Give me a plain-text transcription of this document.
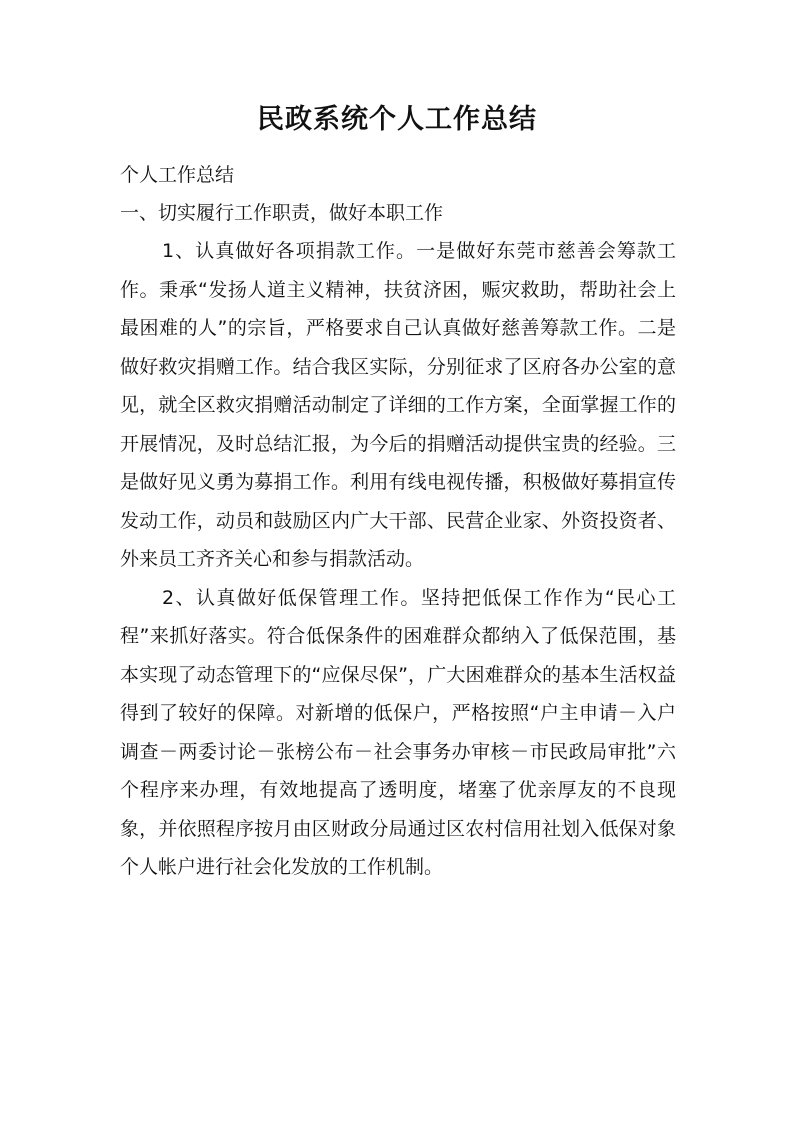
民政系统个人工作总结

个人工作总结

一、切实履行工作职责，做好本职工作

1、认真做好各项捐款工作。一是做好东莞市慈善会筹款工作。秉承“发扬人道主义精神，扶贫济困，赈灾救助，帮助社会上最困难的人”的宗旨，严格要求自己认真做好慈善筹款工作。二是做好救灾捐赠工作。结合我区实际，分别征求了区府各办公室的意见，就全区救灾捐赠活动制定了详细的工作方案，全面掌握工作的开展情况，及时总结汇报，为今后的捐赠活动提供宝贵的经验。三是做好见义勇为募捐工作。利用有线电视传播，积极做好募捐宣传发动工作，动员和鼓励区内广大干部、民营企业家、外资投资者、外来员工齐齐关心和参与捐款活动。

2、认真做好低保管理工作。坚持把低保工作作为“民心工程”来抓好落实。符合低保条件的困难群众都纳入了低保范围，基本实现了动态管理下的“应保尽保”，广大困难群众的基本生活权益得到了较好的保障。对新增的低保户，严格按照“户主申请－入户调查－两委讨论－张榜公布－社会事务办审核－市民政局审批”六个程序来办理，有效地提高了透明度，堵塞了优亲厚友的不良现象，并依照程序按月由区财政分局通过区农村信用社划入低保对象个人帐户进行社会化发放的工作机制。
